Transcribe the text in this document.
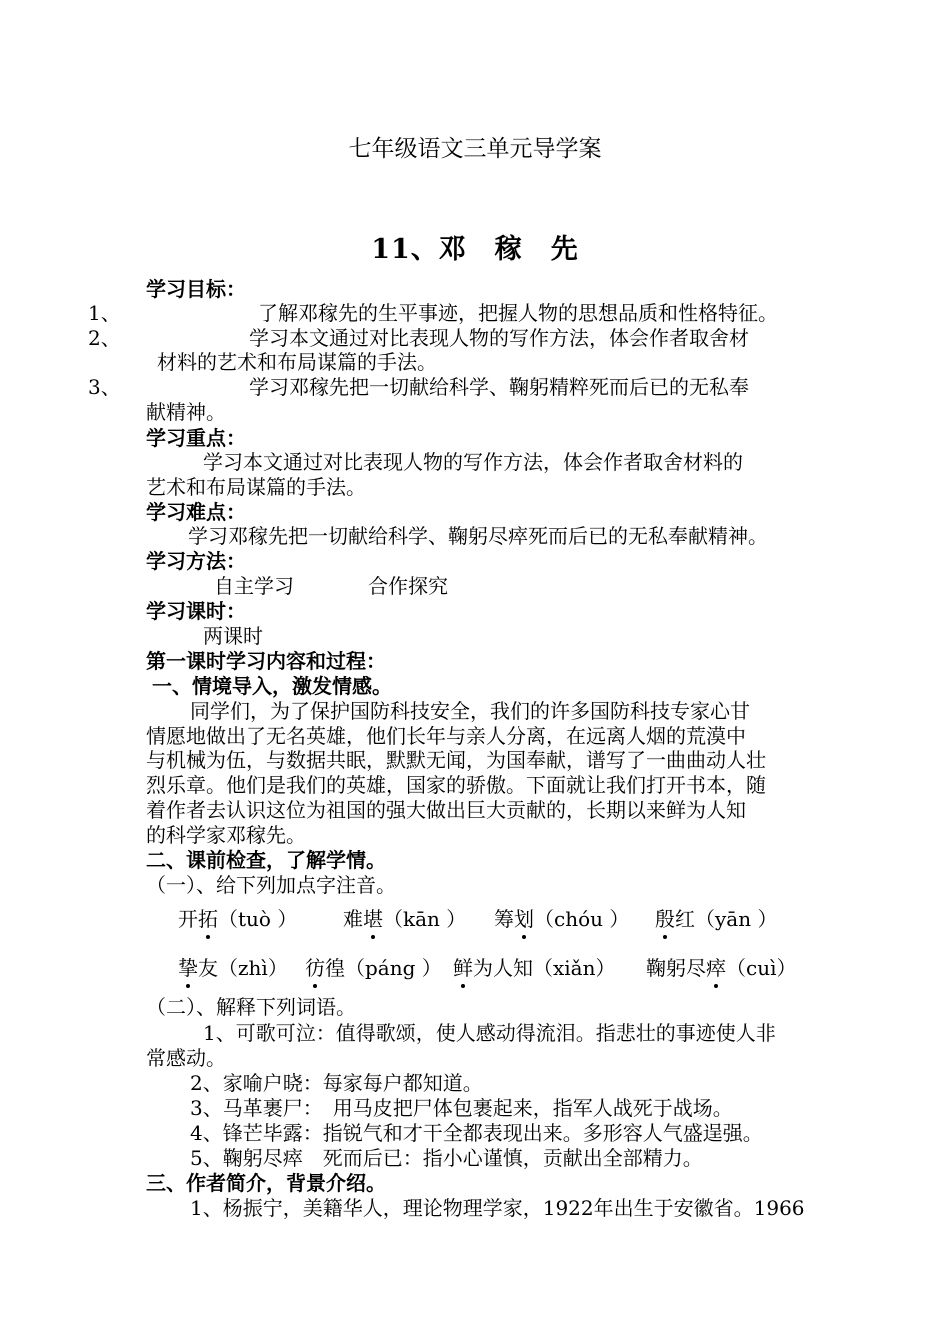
七年级语文三单元导学案
11、邓　稼　先
学习目标：
1、	了解邓稼先的生平事迹，把握人物的思想品质和性格特征。
2、	学习本文通过对比表现人物的写作方法，体会作者取舍材
材料的艺术和布局谋篇的手法。
3、	学习邓稼先把一切献给科学、鞠躬精粹死而后已的无私奉
献精神。
学习重点：
学习本文通过对比表现人物的写作方法，体会作者取舍材料的
艺术和布局谋篇的手法。
学习难点：
学习邓稼先把一切献给科学、鞠躬尽瘁死而后已的无私奉献精神。
学习方法：
自主学习	合作探究
学习课时：
两课时
第一课时学习内容和过程：
一、情境导入，激发情感。
同学们，为了保护国防科技安全，我们的许多国防科技专家心甘
情愿地做出了无名英雄，他们长年与亲人分离，在远离人烟的荒漠中
与机械为伍，与数据共眠，默默无闻，为国奉献，谱写了一曲曲动人壮
烈乐章。他们是我们的英雄，国家的骄傲。下面就让我们打开书本，随
着作者去认识这位为祖国的强大做出巨大贡献的，长期以来鲜为人知
的科学家邓稼先。
二、课前检查，了解学情。
（一）、给下列加点字注音。
开拓（tuò ） 难堪（kān ） 筹划（chóu ） 殷红（yān ）
挚友（zhì） 彷徨（páng ） 鲜为人知（xiǎn） 鞠躬尽瘁（cuì）
（二）、解释下列词语。
1、可歌可泣：值得歌颂，使人感动得流泪。指悲壮的事迹使人非
常感动。
2、家喻户晓：每家每户都知道。
3、马革裹尸：　用马皮把尸体包裹起来，指军人战死于战场。
4、锋芒毕露：指锐气和才干全都表现出来。多形容人气盛逞强。
5、鞠躬尽瘁　死而后已：指小心谨慎，贡献出全部精力。
三、作者简介，背景介绍。
1、杨振宁，美籍华人，理论物理学家，1922年出生于安徽省。1966
